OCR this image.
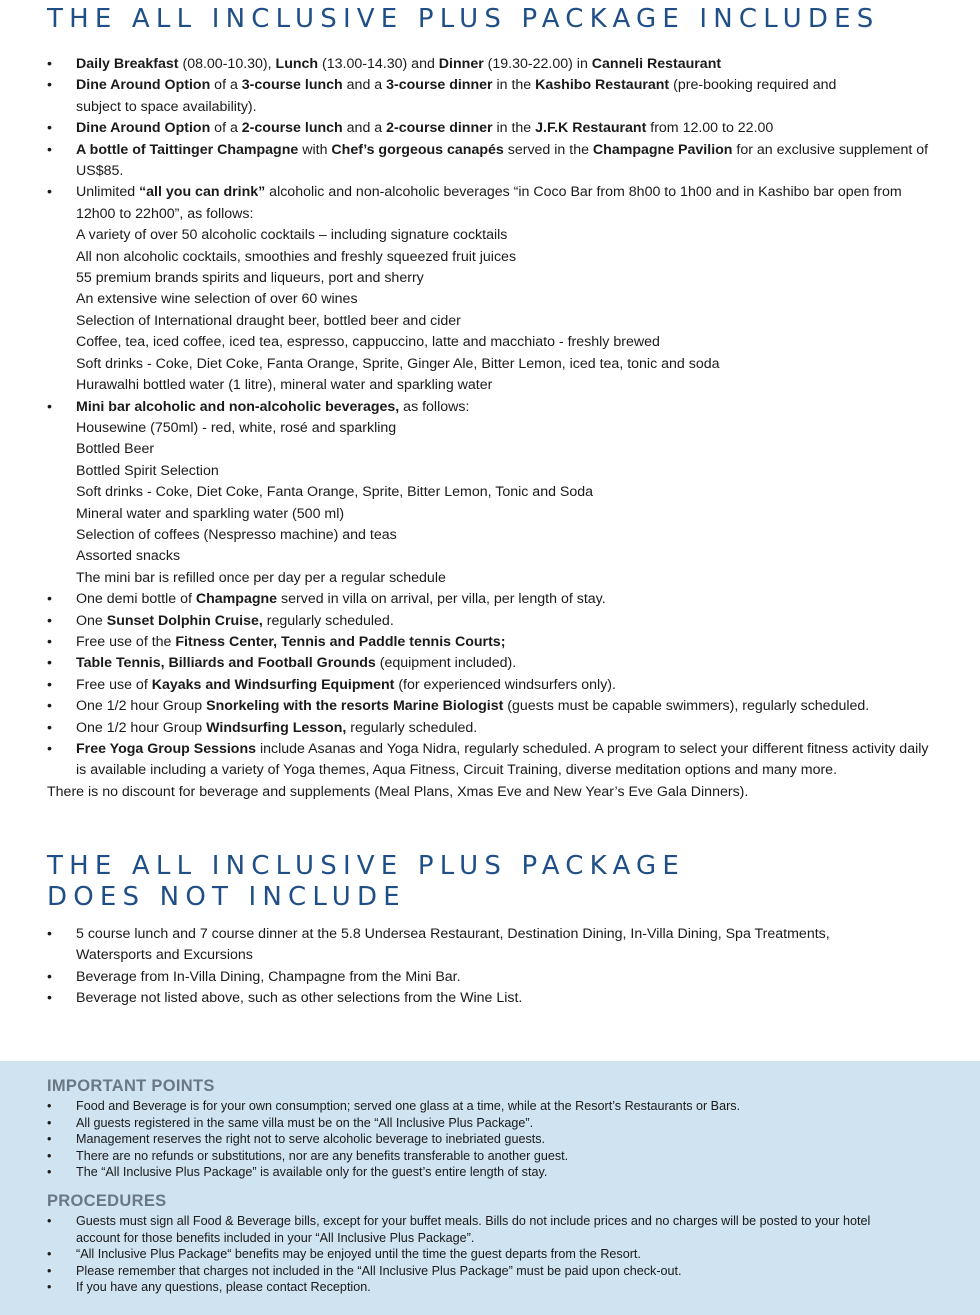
THE ALL INCLUSIVE PLUS PACKAGE INCLUDES
•	Daily Breakfast (08.00-10.30), Lunch (13.00-14.30) and Dinner (19.30-22.00) in Canneli Restaurant
•	Dine Around Option of a 3-course lunch and a 3-course dinner in the Kashibo Restaurant (pre-booking required and
subject to space availability).
•	Dine Around Option of a 2-course lunch and a 2-course dinner in the J.F.K Restaurant from 12.00 to 22.00
•	A bottle of Taittinger Champagne with Chef’s gorgeous canapés served in the Champagne Pavilion for an exclusive supplement of US$85.
•	Unlimited “all you can drink” alcoholic and non-alcoholic beverages “in Coco Bar from 8h00 to 1h00 and in Kashibo bar open from
12h00 to 22h00”, as follows:
A variety of over 50 alcoholic cocktails – including signature cocktails
All non alcoholic cocktails, smoothies and freshly squeezed fruit juices
55 premium brands spirits and liqueurs, port and sherry
An extensive wine selection of over 60 wines
Selection of International draught beer, bottled beer and cider
Coffee, tea, iced coffee, iced tea, espresso, cappuccino, latte and macchiato - freshly brewed
Soft drinks - Coke, Diet Coke, Fanta Orange, Sprite, Ginger Ale, Bitter Lemon, iced tea, tonic and soda
Hurawalhi bottled water (1 litre), mineral water and sparkling water
•	Mini bar alcoholic and non-alcoholic beverages, as follows:
Housewine (750ml) - red, white, rosé and sparkling
Bottled Beer
Bottled Spirit Selection
Soft drinks - Coke, Diet Coke, Fanta Orange, Sprite, Bitter Lemon, Tonic and Soda
Mineral water and sparkling water (500 ml)
Selection of coffees (Nespresso machine) and teas
Assorted snacks
The mini bar is refilled once per day per a regular schedule
•	One demi bottle of Champagne served in villa on arrival, per villa, per length of stay.
•	One Sunset Dolphin Cruise, regularly scheduled.
•	Free use of the Fitness Center, Tennis and Paddle tennis Courts;
•	Table Tennis, Billiards and Football Grounds (equipment included).
•	Free use of Kayaks and Windsurfing Equipment (for experienced windsurfers only).
•	One 1/2 hour Group Snorkeling with the resorts Marine Biologist (guests must be capable swimmers), regularly scheduled.
•	One 1/2 hour Group Windsurfing Lesson, regularly scheduled.
•	Free Yoga Group Sessions include Asanas and Yoga Nidra, regularly scheduled. A program to select your different fitness activity daily
is available including a variety of Yoga themes, Aqua Fitness, Circuit Training, diverse meditation options and many more.

There is no discount for beverage and supplements (Meal Plans, Xmas Eve and New Year’s Eve Gala Dinners).

THE ALL INCLUSIVE PLUS PACKAGE
DOES NOT INCLUDE
•	5 course lunch and 7 course dinner at the 5.8 Undersea Restaurant, Destination Dining, In-Villa Dining, Spa Treatments,
Watersports and Excursions
•	Beverage from In-Villa Dining, Champagne from the Mini Bar.
•	Beverage not listed above, such as other selections from the Wine List.
IMPORTANT POINTS
•	Food and Beverage is for your own consumption; served one glass at a time, while at the Resort’s Restaurants or Bars.
•	All guests registered in the same villa must be on the “All Inclusive Plus Package”.
•	Management reserves the right not to serve alcoholic beverage to inebriated guests.
•	There are no refunds or substitutions, nor are any benefits transferable to another guest.
•	The “All Inclusive Plus Package” is available only for the guest’s entire length of stay.
PROCEDURES
•	Guests must sign all Food & Beverage bills, except for your buffet meals. Bills do not include prices and no charges will be posted to your hotel
account for those benefits included in your “All Inclusive Plus Package”.
•	“All Inclusive Plus Package“ benefits may be enjoyed until the time the guest departs from the Resort.
•	Please remember that charges not included in the “All Inclusive Plus Package” must be paid upon check-out.
•	If you have any questions, please contact Reception.
